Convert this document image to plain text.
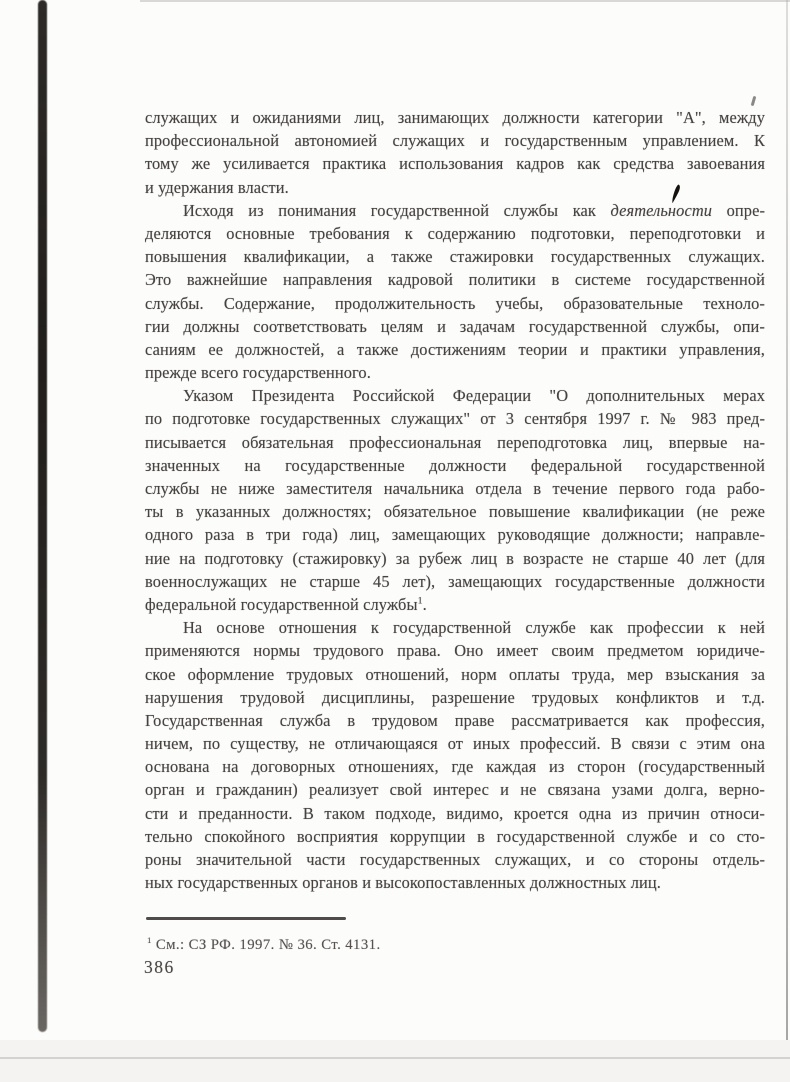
служащих и ожиданиями лиц, занимающих должности категории "А", между
профессиональной автономией служащих и государственным управлением. К
тому же усиливается практика использования кадров как средства завоевания
и удержания власти.
Исходя из понимания государственной службы как деятельности опре-
деляются основные требования к содержанию подготовки, переподготовки и
повышения квалификации, а также стажировки государственных служащих.
Это важнейшие направления кадровой политики в системе государственной
службы. Содержание, продолжительность учебы, образовательные техноло-
гии должны соответствовать целям и задачам государственной службы, опи-
саниям ее должностей, а также достижениям теории и практики управления,
прежде всего государственного.
Указом Президента Российской Федерации "О дополнительных мерах
по подготовке государственных служащих" от 3 сентября 1997 г. № 983 пред-
писывается обязательная профессиональная переподготовка лиц, впервые на-
значенных на государственные должности федеральной государственной
службы не ниже заместителя начальника отдела в течение первого года рабо-
ты в указанных должностях; обязательное повышение квалификации (не реже
одного раза в три года) лиц, замещающих руководящие должности; направле-
ние на подготовку (стажировку) за рубеж лиц в возрасте не старше 40 лет (для
военнослужащих не старше 45 лет), замещающих государственные должности
федеральной государственной службы$^1$.
На основе отношения к государственной службе как профессии к ней
применяются нормы трудового права. Оно имеет своим предметом юридиче-
ское оформление трудовых отношений, норм оплаты труда, мер взыскания за
нарушения трудовой дисциплины, разрешение трудовых конфликтов и т.д.
Государственная служба в трудовом праве рассматривается как профессия,
ничем, по существу, не отличающаяся от иных профессий. В связи с этим она
основана на договорных отношениях, где каждая из сторон (государственный
орган и гражданин) реализует свой интерес и не связана узами долга, верно-
сти и преданности. В таком подходе, видимо, кроется одна из причин относи-
тельно спокойного восприятия коррупции в государственной службе и со сто-
роны значительной части государственных служащих, и со стороны отдель-
ных государственных органов и высокопоставленных должностных лиц.
$^1$ См.: СЗ РФ. 1997. № 36. Ст. 4131.
386
